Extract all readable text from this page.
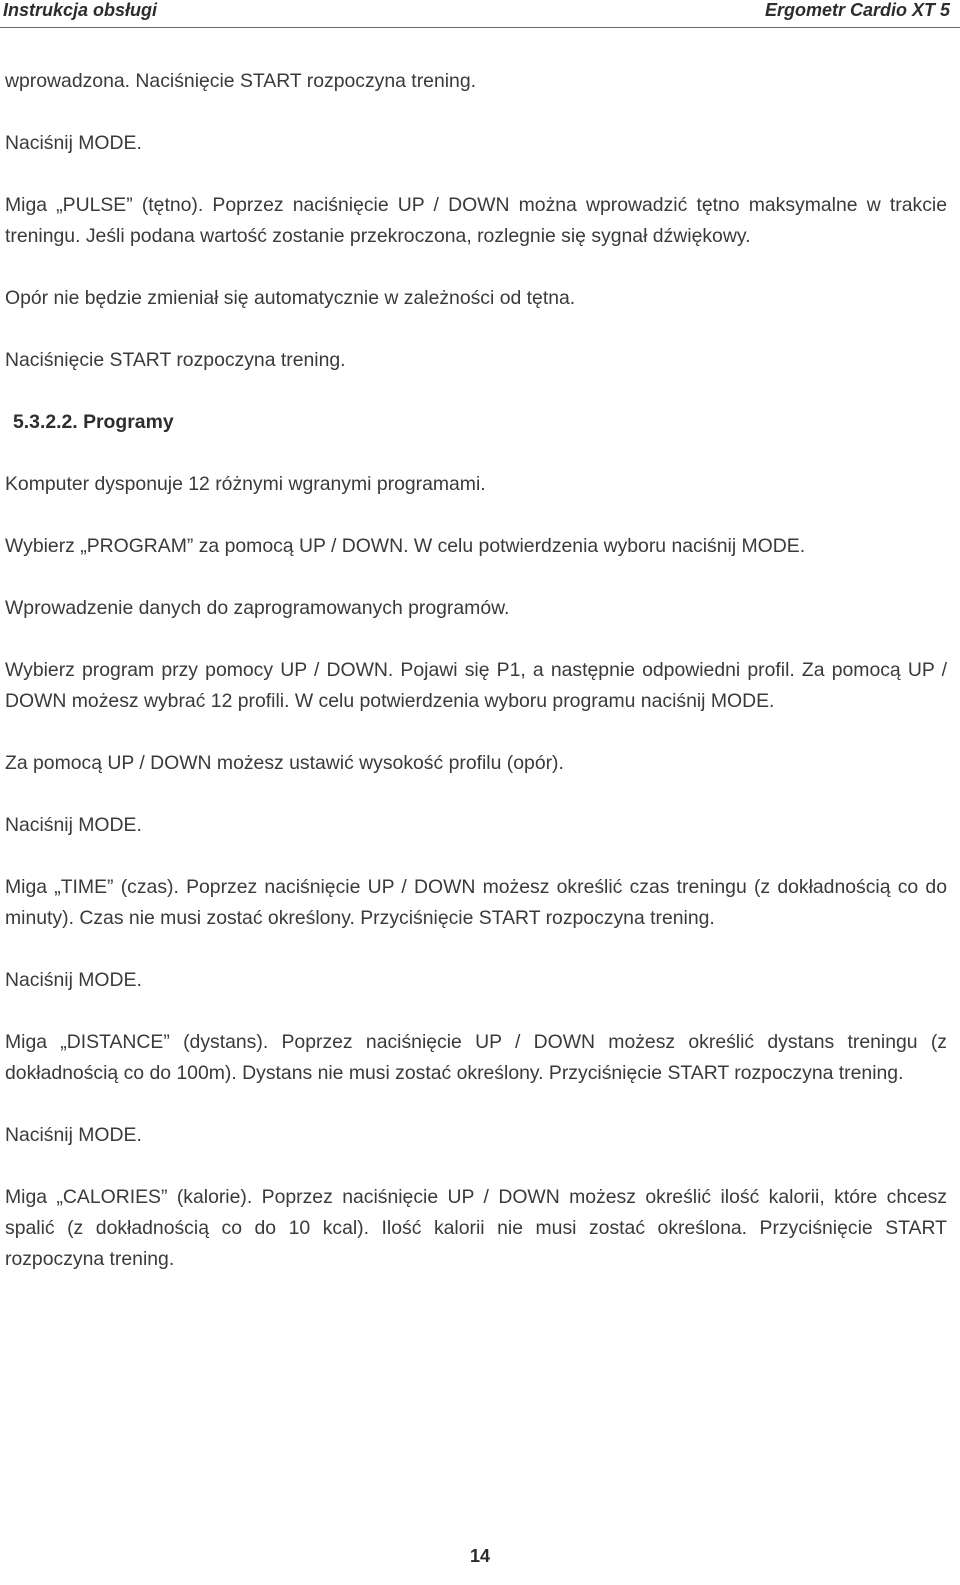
Instrukcja obsługi	Ergometr Cardio XT 5

wprowadzona. Naciśnięcie START rozpoczyna trening.

Naciśnij MODE.

Miga „PULSE” (tętno). Poprzez naciśnięcie UP / DOWN można wprowadzić tętno maksymalne w trakcie treningu. Jeśli podana wartość zostanie przekroczona, rozlegnie się sygnał dźwiękowy.

Opór nie będzie zmieniał się automatycznie w zależności od tętna.

Naciśnięcie START rozpoczyna trening.

5.3.2.2. Programy

Komputer dysponuje 12 różnymi wgranymi programami.

Wybierz „PROGRAM” za pomocą UP / DOWN. W celu potwierdzenia wyboru naciśnij MODE.

Wprowadzenie danych do zaprogramowanych programów.

Wybierz program przy pomocy UP / DOWN. Pojawi się P1, a następnie odpowiedni profil. Za pomocą UP / DOWN możesz wybrać 12 profili. W celu potwierdzenia wyboru programu naciśnij MODE.

Za pomocą UP / DOWN możesz ustawić wysokość profilu (opór).

Naciśnij MODE.

Miga „TIME” (czas). Poprzez naciśnięcie UP / DOWN możesz określić czas treningu (z dokładnością co do minuty). Czas nie musi zostać określony. Przyciśnięcie START rozpoczyna trening.

Naciśnij MODE.

Miga „DISTANCE” (dystans). Poprzez naciśnięcie UP / DOWN możesz określić dystans treningu (z dokładnością co do 100m). Dystans nie musi zostać określony. Przyciśnięcie START rozpoczyna trening.

Naciśnij MODE.

Miga „CALORIES” (kalorie). Poprzez naciśnięcie UP / DOWN możesz określić ilość kalorii, które chcesz spalić (z dokładnością co do 10 kcal). Ilość kalorii nie musi zostać określona. Przyciśnięcie START rozpoczyna trening.

14
